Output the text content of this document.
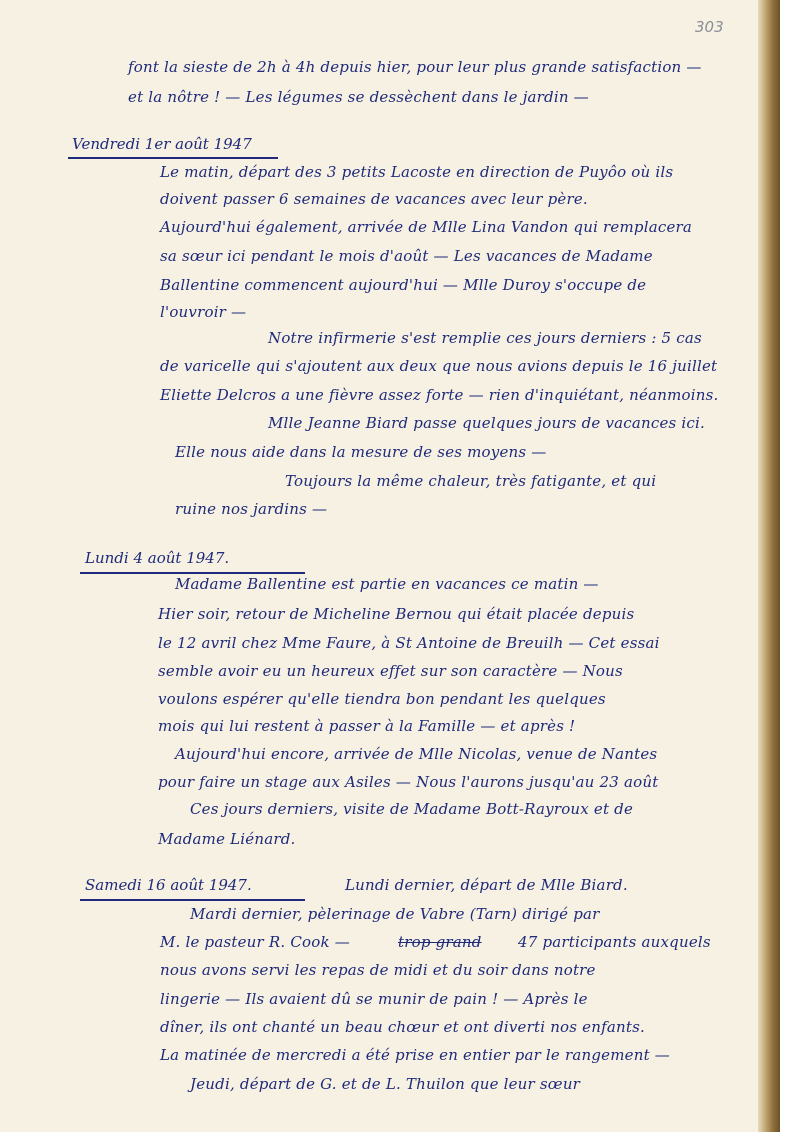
303
font la sieste de 2h à 4h depuis hier, pour leur plus grande satisfaction —
et la nôtre ! — Les légumes se dessèchent dans le jardin —
Vendredi 1er août 1947
Le matin, départ des 3 petits Lacoste en direction de Puyôo où ils
doivent passer 6 semaines de vacances avec leur père.
Aujourd'hui également, arrivée de Mlle Lina Vandon qui remplacera
sa sœur ici pendant le mois d'août — Les vacances de Madame
Ballentine commencent aujourd'hui — Mlle Duroy s'occupe de
l'ouvroir —
Notre infirmerie s'est remplie ces jours derniers : 5 cas
de varicelle qui s'ajoutent aux deux que nous avions depuis le 16 juillet
Eliette Delcros a une fièvre assez forte — rien d'inquiétant, néanmoins.
Mlle Jeanne Biard passe quelques jours de vacances ici.
Elle nous aide dans la mesure de ses moyens —
Toujours la même chaleur, très fatigante, et qui
ruine nos jardins —
Lundi 4 août 1947.
Madame Ballentine est partie en vacances ce matin —
Hier soir, retour de Micheline Bernou qui était placée depuis
le 12 avril chez Mme Faure, à St Antoine de Breuilh — Cet essai
semble avoir eu un heureux effet sur son caractère — Nous
voulons espérer qu'elle tiendra bon pendant les quelques
mois qui lui restent à passer à la Famille — et après !
Aujourd'hui encore, arrivée de Mlle Nicolas, venue de Nantes
pour faire un stage aux Asiles — Nous l'aurons jusqu'au 23 août
Ces jours derniers, visite de Madame Bott-Rayroux et de
Madame Liénard.
Samedi 16 août 1947.	Lundi dernier, départ de Mlle Biard.
Mardi dernier, pèlerinage de Vabre (Tarn) dirigé par
M. le pasteur R. Cook —	trop grand 47 participants auxquels
nous avons servi les repas de midi et du soir dans notre
lingerie — Ils avaient dû se munir de pain ! — Après le
dîner, ils ont chanté un beau chœur et ont diverti nos enfants.
La matinée de mercredi a été prise en entier par le rangement —
Jeudi, départ de G. et de L. Thuilon que leur sœur
